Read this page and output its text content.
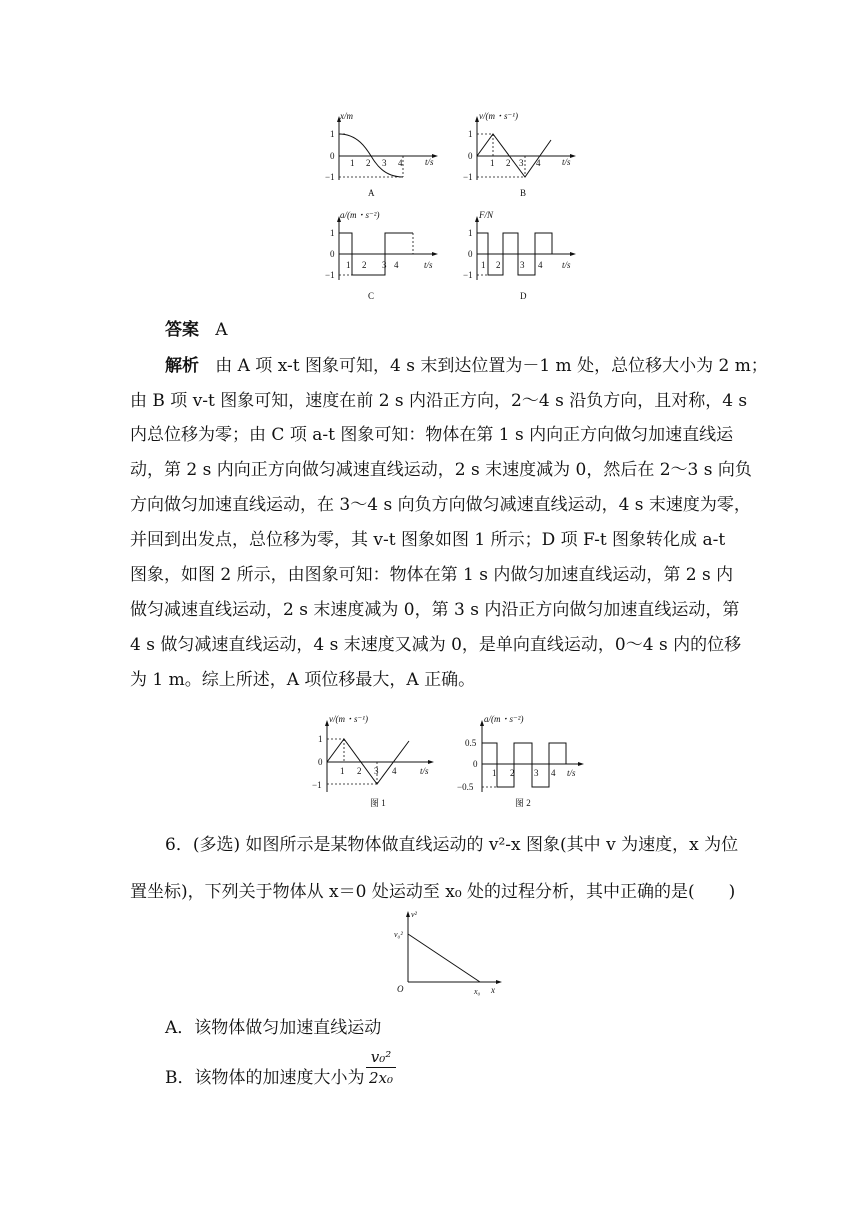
x/m
1
0
−1
t/s
1 2 3 4
A
v/(m・s⁻¹)
1
0
−1
t/s
1 2 3 4
B
a/(m・s⁻²)
1
0
−1
t/s
1 2 3 4
C
F/N
1
0
−1
t/s
1 2 3 4
D
答案 A
解析 由 A 项 x-t 图象可知，4 s 末到达位置为－1 m 处，总位移大小为 2 m；
由 B 项 v-t 图象可知，速度在前 2 s 内沿正方向，2～4 s 沿负方向，且对称，4 s
内总位移为零；由 C 项 a-t 图象可知：物体在第 1 s 内向正方向做匀加速直线运
动，第 2 s 内向正方向做匀减速直线运动，2 s 末速度减为 0，然后在 2～3 s 向负
方向做匀加速直线运动，在 3～4 s 向负方向做匀减速直线运动，4 s 末速度为零，
并回到出发点，总位移为零，其 v-t 图象如图 1 所示；D 项 F-t 图象转化成 a-t
图象，如图 2 所示，由图象可知：物体在第 1 s 内做匀加速直线运动，第 2 s 内
做匀减速直线运动，2 s 末速度减为 0，第 3 s 内沿正方向做匀加速直线运动，第
4 s 做匀减速直线运动，4 s 末速度又减为 0，是单向直线运动，0～4 s 内的位移
为 1 m。综上所述，A 项位移最大，A 正确。
v/(m・s⁻¹)
1
0
−1
t/s
1 2 3 4
图 1
a/(m・s⁻²)
0.5
0
−0.5
t/s
1 2 3 4
图 2
6．(多选) 如图所示是某物体做直线运动的 v²-x 图象(其中 v 为速度，x 为位
置坐标)，下列关于物体从 x＝0 处运动至 x₀ 处的过程分析，其中正确的是(　　)
v²
v₀²
O	x₀ x
A．该物体做匀加速直线运动
B．该物体的加速度大小为
v₀²
2x₀
